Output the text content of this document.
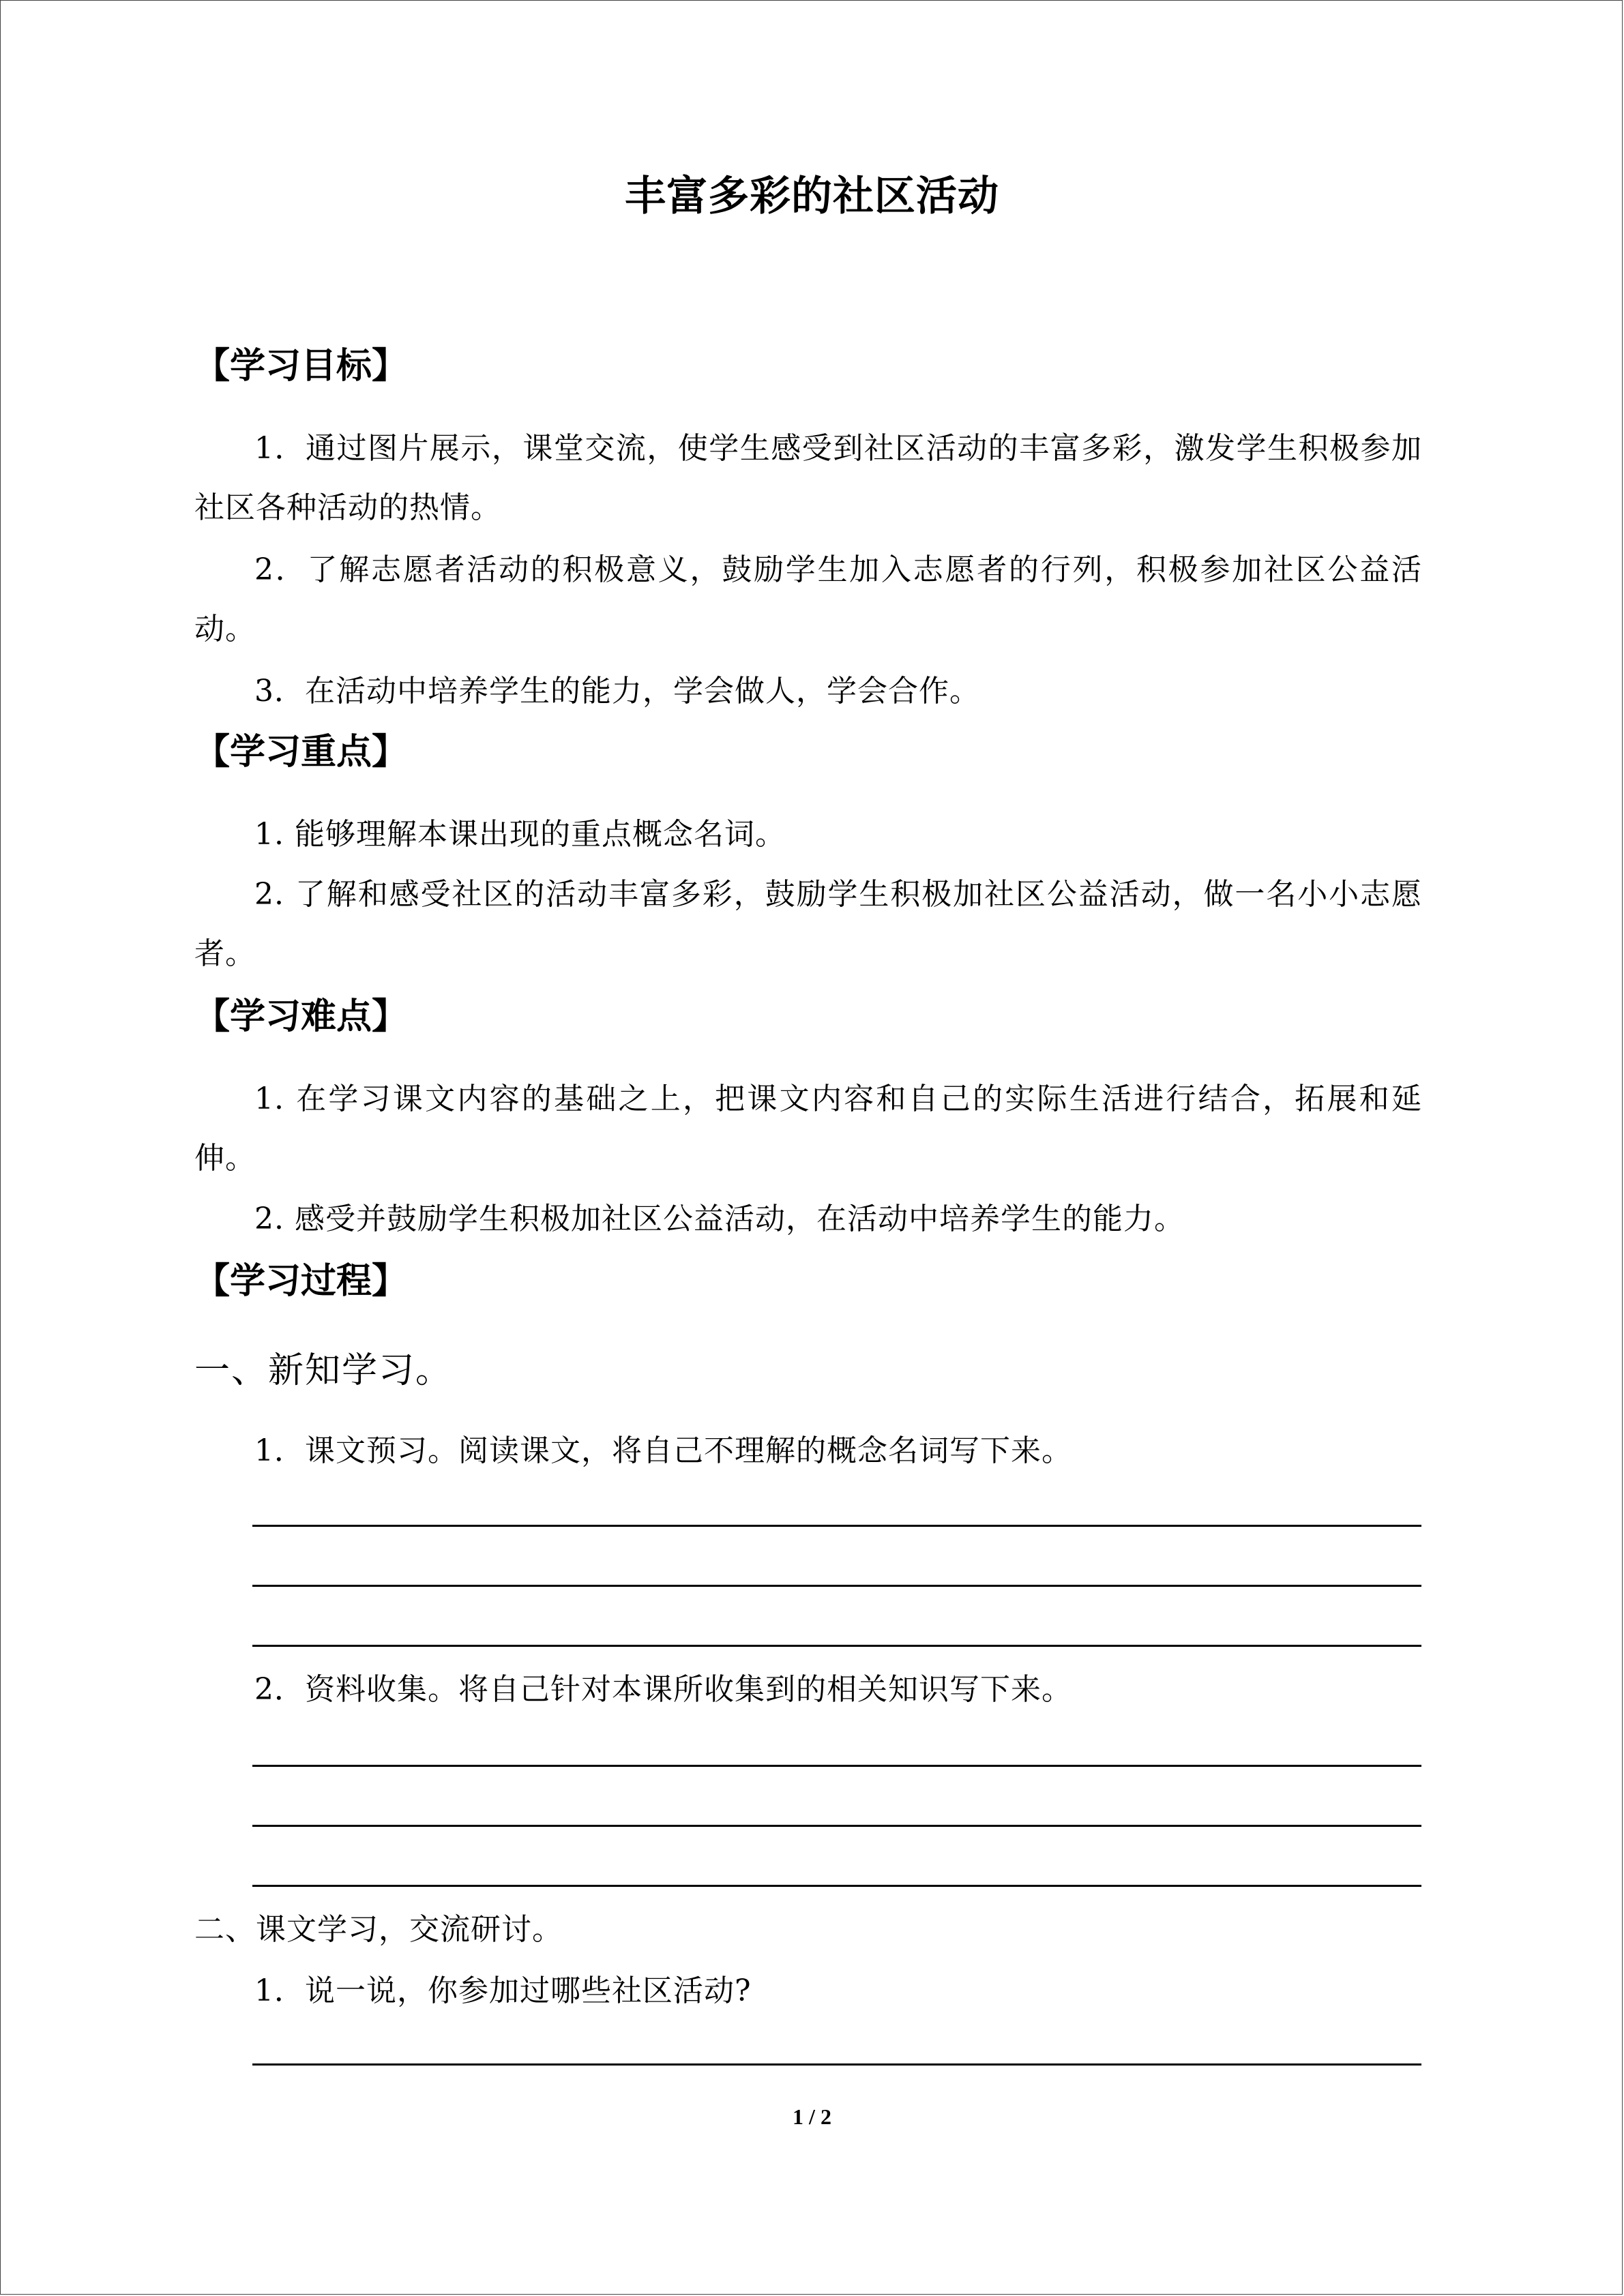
丰富多彩的社区活动
【学习目标】
1．通过图片展示，课堂交流，使学生感受到社区活动的丰富多彩，激发学生积极参加社区各种活动的热情。
2．了解志愿者活动的积极意义，鼓励学生加入志愿者的行列，积极参加社区公益活动。
3．在活动中培养学生的能力，学会做人，学会合作。
【学习重点】
1. 能够理解本课出现的重点概念名词。
2. 了解和感受社区的活动丰富多彩，鼓励学生积极加社区公益活动，做一名小小志愿者。
【学习难点】
1. 在学习课文内容的基础之上，把课文内容和自己的实际生活进行结合，拓展和延伸。
2. 感受并鼓励学生积极加社区公益活动，在活动中培养学生的能力。
【学习过程】
一、新知学习。
1．课文预习。阅读课文，将自己不理解的概念名词写下来。
2．资料收集。将自己针对本课所收集到的相关知识写下来。
二、课文学习，交流研讨。
1．说一说，你参加过哪些社区活动?
1 / 2
